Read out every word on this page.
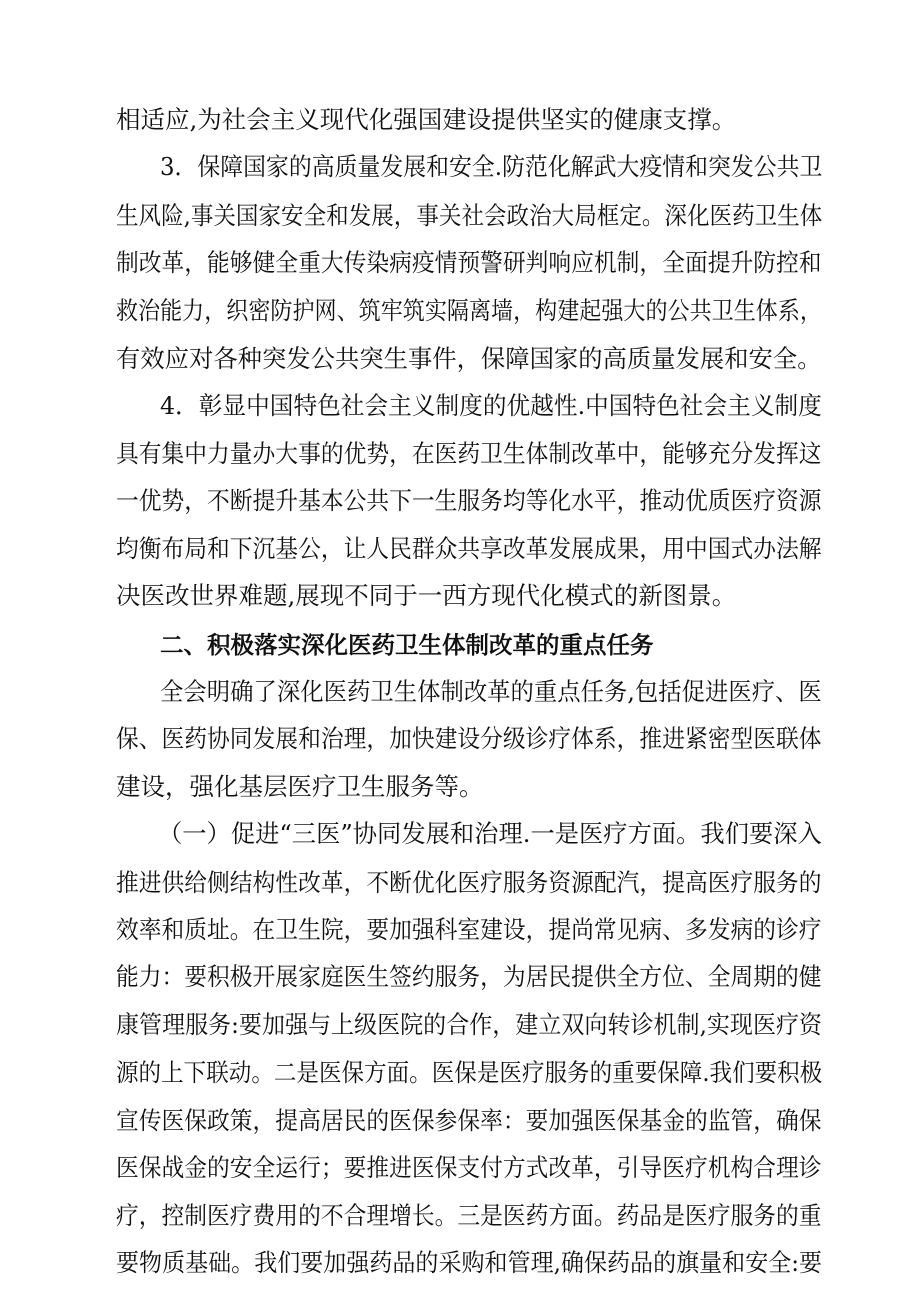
相适应,为社会主义现代化强国建设提供坚实的健康支撑。
3．保障国家的高质量发展和安全.防范化解武大疫情和突发公共卫
生风险,事关国家安全和发展，事关社会政治大局框定。深化医药卫生体
制改革，能够健全重大传染病疫情预警研判响应机制，全面提升防控和
救治能力，织密防护网、筑牢筑实隔离墙，构建起强大的公共卫生体系，
有效应对各种突发公共突生事件，保障国家的高质量发展和安全。
4．彰显中国特色社会主义制度的优越性.中国特色社会主义制度
具有集中力量办大事的优势，在医药卫生体制改革中，能够充分发挥这
一优势，不断提升基本公共下一生服务均等化水平，推动优质医疗资源
均衡布局和下沉基公，让人民群众共享改革发展成果，用中国式办法解
决医改世界难题,展现不同于一西方现代化模式的新图景。
二、积极落实深化医药卫生体制改革的重点任务
全会明确了深化医药卫生体制改革的重点任务,包括促进医疗、医
保、医药协同发展和治理，加快建设分级诊疗体系，推进紧密型医联体
建设，强化基层医疗卫生服务等。
（一）促进“三医”协同发展和治理.一是医疗方面。我们要深入
推进供给侧结构性改革，不断优化医疗服务资源配汽，提高医疗服务的
效率和质址。在卫生院，要加强科室建设，提尚常见病、多发病的诊疗
能力：要积极开展家庭医生签约服务，为居民提供全方位、全周期的健
康管理服务:要加强与上级医院的合作，建立双向转诊机制,实现医疗资
源的上下联动。二是医保方面。医保是医疗服务的重要保障.我们要积极
宣传医保政策，提高居民的医保参保率：要加强医保基金的监管，确保
医保战金的安全运行；要推进医保支付方式改革，引导医疗机构合理诊
疗，控制医疗费用的不合理增长。三是医药方面。药品是医疗服务的重
要物质基础。我们要加强药品的采购和管理,确保药品的旗量和安全:要
